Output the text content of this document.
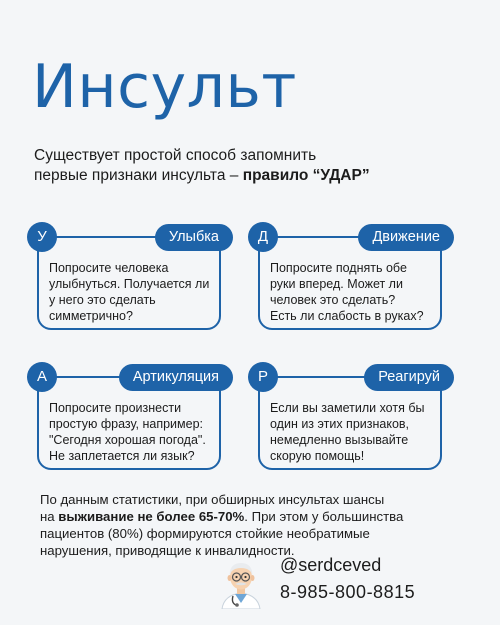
Инсульт
Существует простой способ запомнить
первые признаки инсульта – правило “УДАР”
У	Улыбка
Попросите человека
улыбнуться. Получается ли
у него это сделать
симметрично?
Д	Движение
Попросите поднять обе
руки вперед. Может ли
человек это сделать?
Есть ли слабость в руках?
А	Артикуляция
Попросите произнести
простую фразу, например:
"Сегодня хорошая погода".
Не заплетается ли язык?
Р	Реагируй
Если вы заметили хотя бы
один из этих признаков,
немедленно вызывайте
скорую помощь!
По данным статистики, при обширных инсультах шансы
на выживание не более 65-70%. При этом у большинства
пациентов (80%) формируются стойкие необратимые
нарушения, приводящие к инвалидности.
@serdceved
8-985-800-8815
